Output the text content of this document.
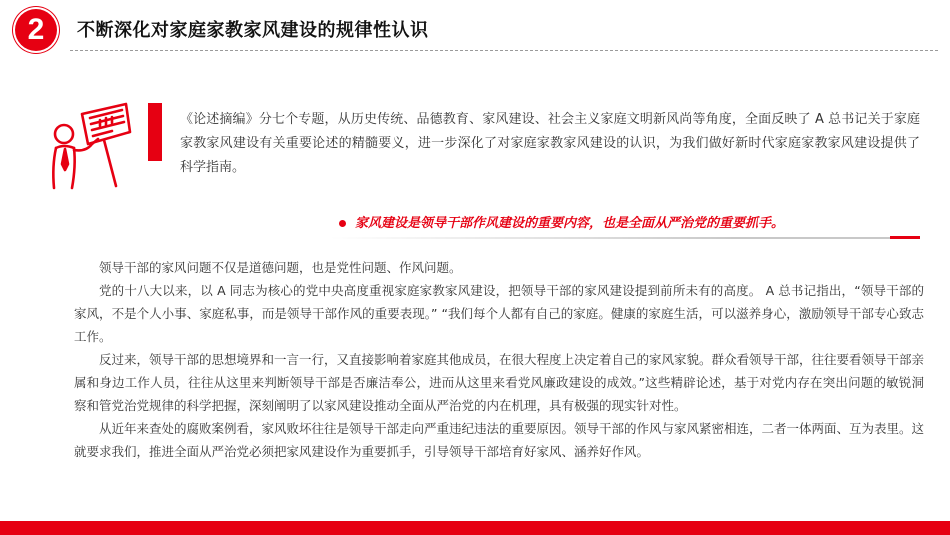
2	不断深化对家庭家教家风建设的规律性认识
《论述摘编》分七个专题，从历史传统、品德教育、家风建设、社会主义家庭文明新风尚等角度，全面反映了 A 总书记关于家庭家教家风建设有关重要论述的精髓要义，进一步深化了对家庭家教家风建设的认识，为我们做好新时代家庭家教家风建设提供了科学指南。
家风建设是领导干部作风建设的重要内容，也是全面从严治党的重要抓手。

领导干部的家风问题不仅是道德问题，也是党性问题、作风问题。

党的十八大以来，以 A 同志为核心的党中央高度重视家庭家教家风建设，把领导干部的家风建设提到前所未有的高度。 A 总书记指出，“领导干部的家风，不是个人小事、家庭私事，而是领导干部作风的重要表现。” “我们每个人都有自己的家庭。健康的家庭生活，可以滋养身心，激励领导干部专心致志工作。

反过来，领导干部的思想境界和一言一行，又直接影响着家庭其他成员，在很大程度上决定着自己的家风家貌。群众看领导干部，往往要看领导干部亲属和身边工作人员，往往从这里来判断领导干部是否廉洁奉公，进而从这里来看党风廉政建设的成效。”这些精辟论述，基于对党内存在突出问题的敏锐洞察和管党治党规律的科学把握，深刻阐明了以家风建设推动全面从严治党的内在机理，具有极强的现实针对性。

从近年来查处的腐败案例看，家风败坏往往是领导干部走向严重违纪违法的重要原因。领导干部的作风与家风紧密相连，二者一体两面、互为表里。这就要求我们，推进全面从严治党必须把家风建设作为重要抓手，引导领导干部培育好家风、涵养好作风。
